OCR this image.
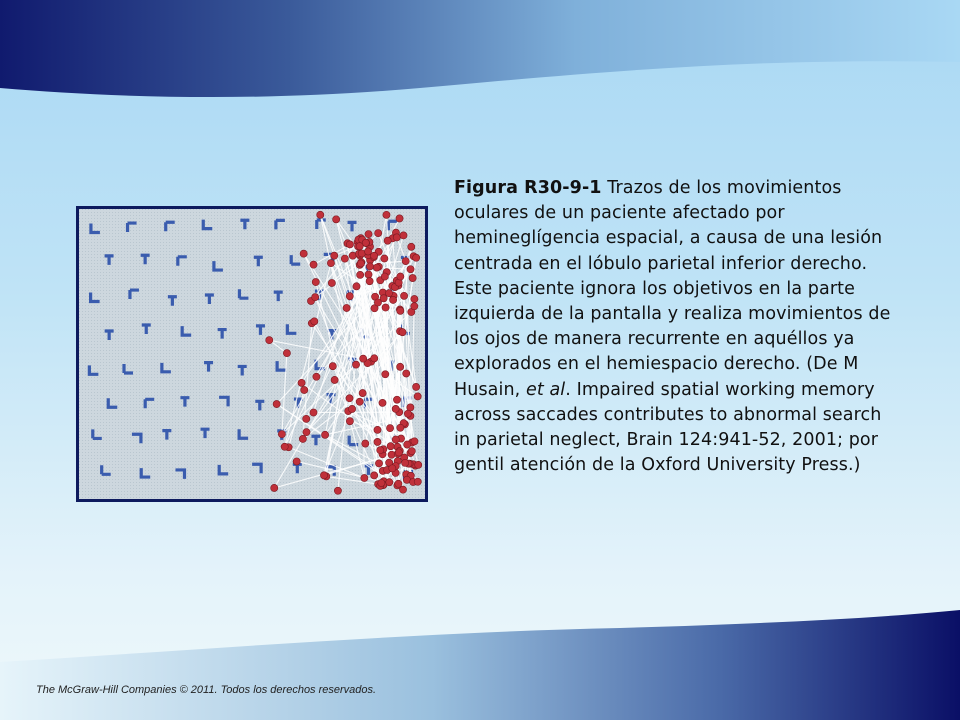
Figura R30-9-1 Trazos de los movimientos oculares de un paciente afectado por hemineglígencia espacial, a causa de una lesión centrada en el lóbulo parietal inferior derecho. Este paciente ignora los objetivos en la parte izquierda de la pantalla y realiza movimientos de los ojos de manera recurrente en aquéllos ya explorados en el hemiespacio derecho. (De M Husain, et al. Impaired spatial working memory across saccades contributes to abnormal search in parietal neglect, Brain 124:941-52, 2001; por gentil atención de la Oxford University Press.)
The McGraw-Hill Companies © 2011. Todos los derechos reservados.
